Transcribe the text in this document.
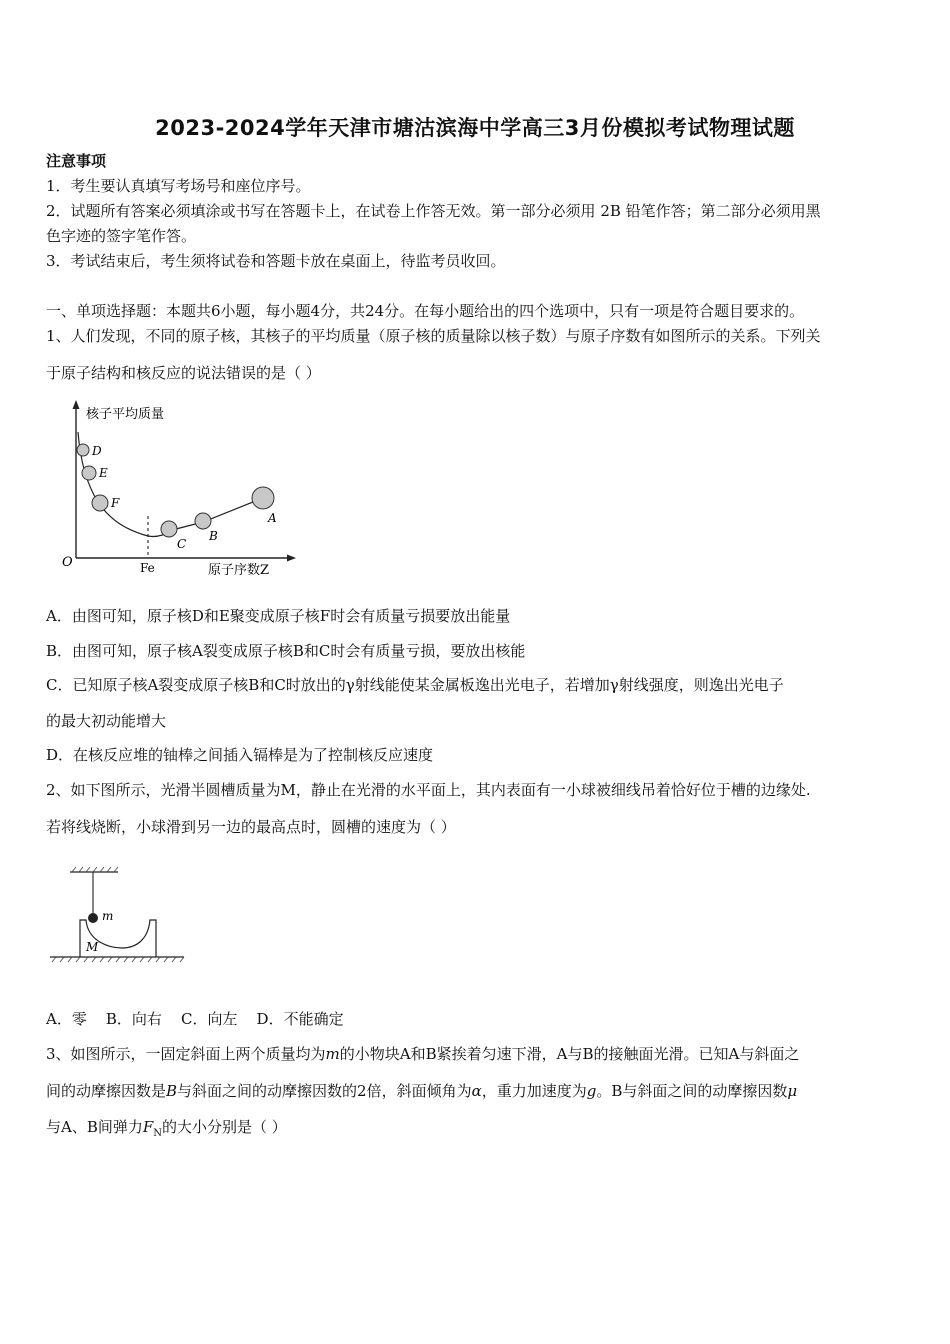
2023-2024学年天津市塘沽滨海中学高三3月份模拟考试物理试题
注意事项
1．考生要认真填写考场号和座位序号。
2．试题所有答案必须填涂或书写在答题卡上，在试卷上作答无效。第一部分必须用 2B 铅笔作答；第二部分必须用黑
色字迹的签字笔作答。
3．考试结束后，考生须将试卷和答题卡放在桌面上，待监考员收回。
一、单项选择题：本题共6小题，每小题4分，共24分。在每小题给出的四个选项中，只有一项是符合题目要求的。
1、人们发现，不同的原子核，其核子的平均质量（原子核的质量除以核子数）与原子序数有如图所示的关系。下列关
于原子结构和核反应的说法错误的是（ ）
核子平均质量
D
E
F
C
B
A
O	Fe	原子序数Z
A．由图可知，原子核D和E聚变成原子核F时会有质量亏损要放出能量
B．由图可知，原子核A裂变成原子核B和C时会有质量亏损，要放出核能
C．已知原子核A裂变成原子核B和C时放出的γ射线能使某金属板逸出光电子，若增加γ射线强度，则逸出光电子
的最大初动能增大
D．在核反应堆的铀棒之间插入镉棒是为了控制核反应速度
2、如下图所示，光滑半圆槽质量为M，静止在光滑的水平面上，其内表面有一小球被细线吊着恰好位于槽的边缘处.
若将线烧断，小球滑到另一边的最高点时，圆槽的速度为（ ）
m
M
A．零    B．向右    C．向左    D．不能确定
3、如图所示，一固定斜面上两个质量均为m的小物块A和B紧挨着匀速下滑，A与B的接触面光滑。已知A与斜面之
间的动摩擦因数是B与斜面之间的动摩擦因数的2倍，斜面倾角为α，重力加速度为g。B与斜面之间的动摩擦因数μ
与A、B间弹力$F_N$的大小分别是（ ）
